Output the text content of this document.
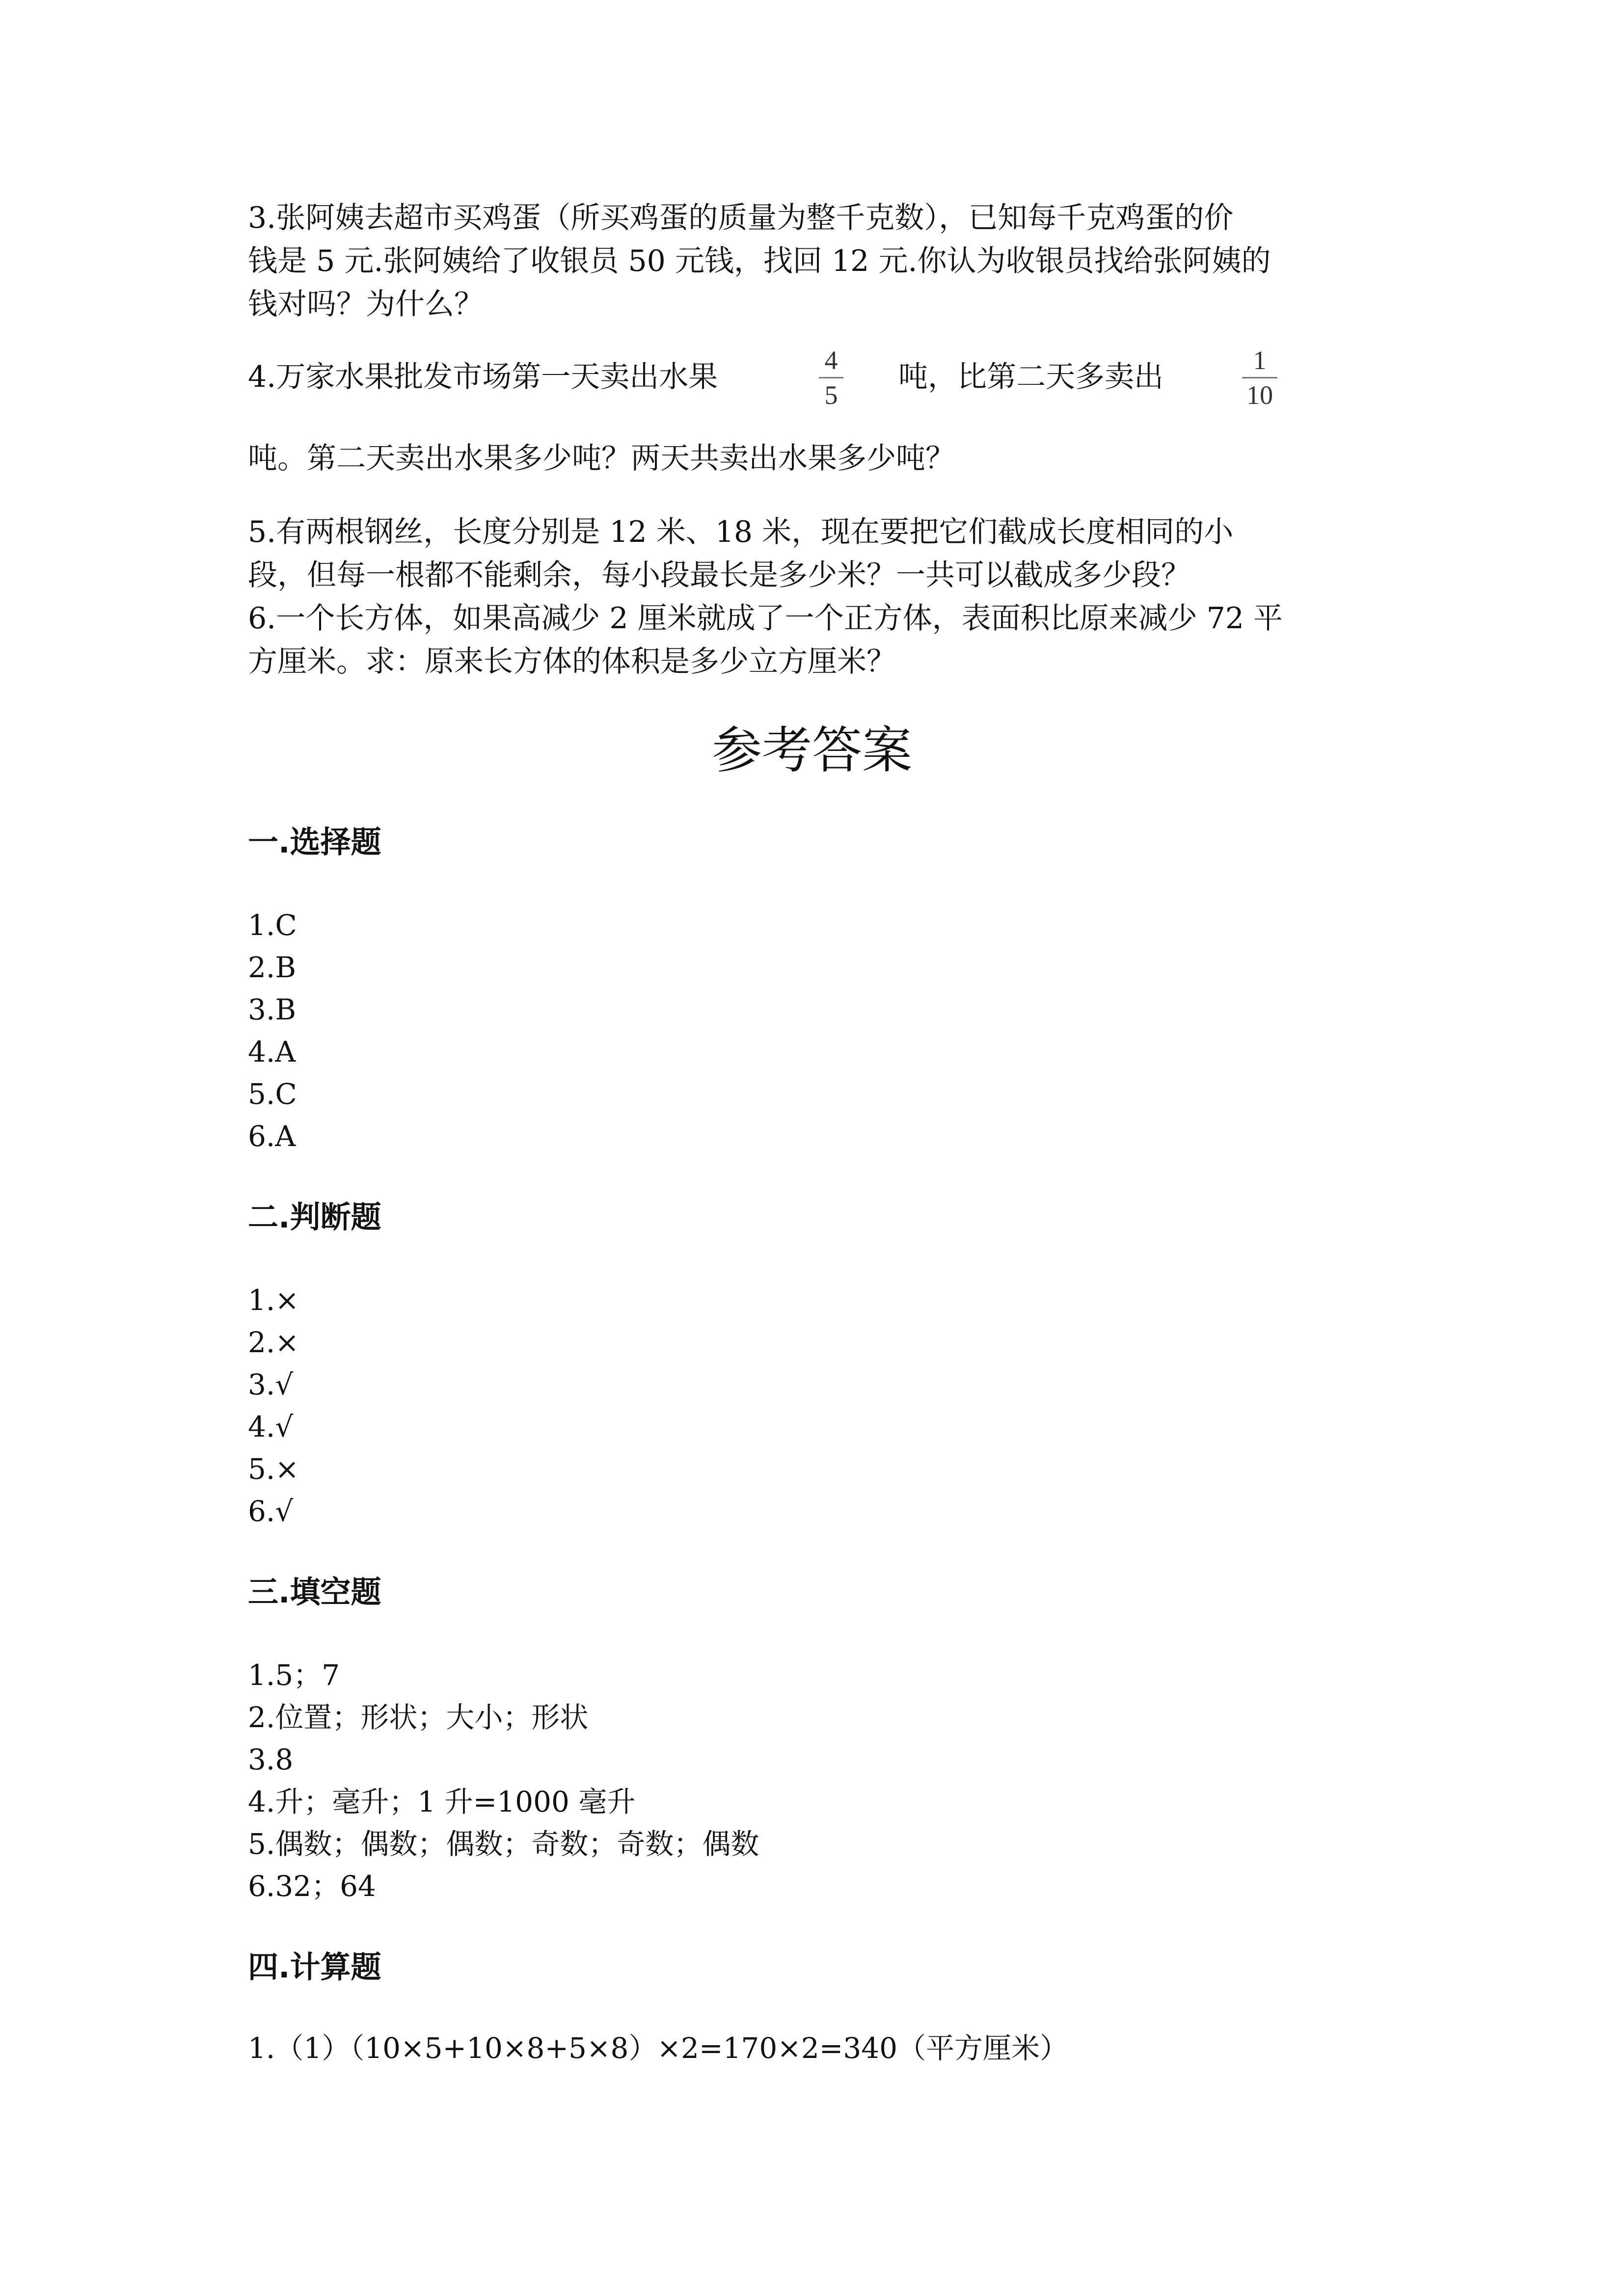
3.张阿姨去超市买鸡蛋（所买鸡蛋的质量为整千克数），已知每千克鸡蛋的价
钱是 5 元.张阿姨给了收银员 50 元钱，找回 12 元.你认为收银员找给张阿姨的
钱对吗？为什么？
4.万家水果批发市场第一天卖出水果	4
5
吨，比第二天多卖出	1
10
吨。第二天卖出水果多少吨？两天共卖出水果多少吨？
5.有两根钢丝，长度分别是 12 米、18 米，现在要把它们截成长度相同的小
段，但每一根都不能剩余，每小段最长是多少米？一共可以截成多少段？
6.一个长方体，如果高减少 2 厘米就成了一个正方体，表面积比原来减少 72 平
方厘米。求：原来长方体的体积是多少立方厘米？
参考答案
一.选择题
1.C
2.B
3.B
4.A
5.C
6.A
二.判断题
1.×
2.×
3.√
4.√
5.×
6.√
三.填空题
1.5；7
2.位置；形状；大小；形状
3.8
4.升；毫升；1 升=1000 毫升
5.偶数；偶数；偶数；奇数；奇数；偶数
6.32；64
四.计算题
1.（1）（10×5+10×8+5×8）×2=170×2=340（平方厘米）
